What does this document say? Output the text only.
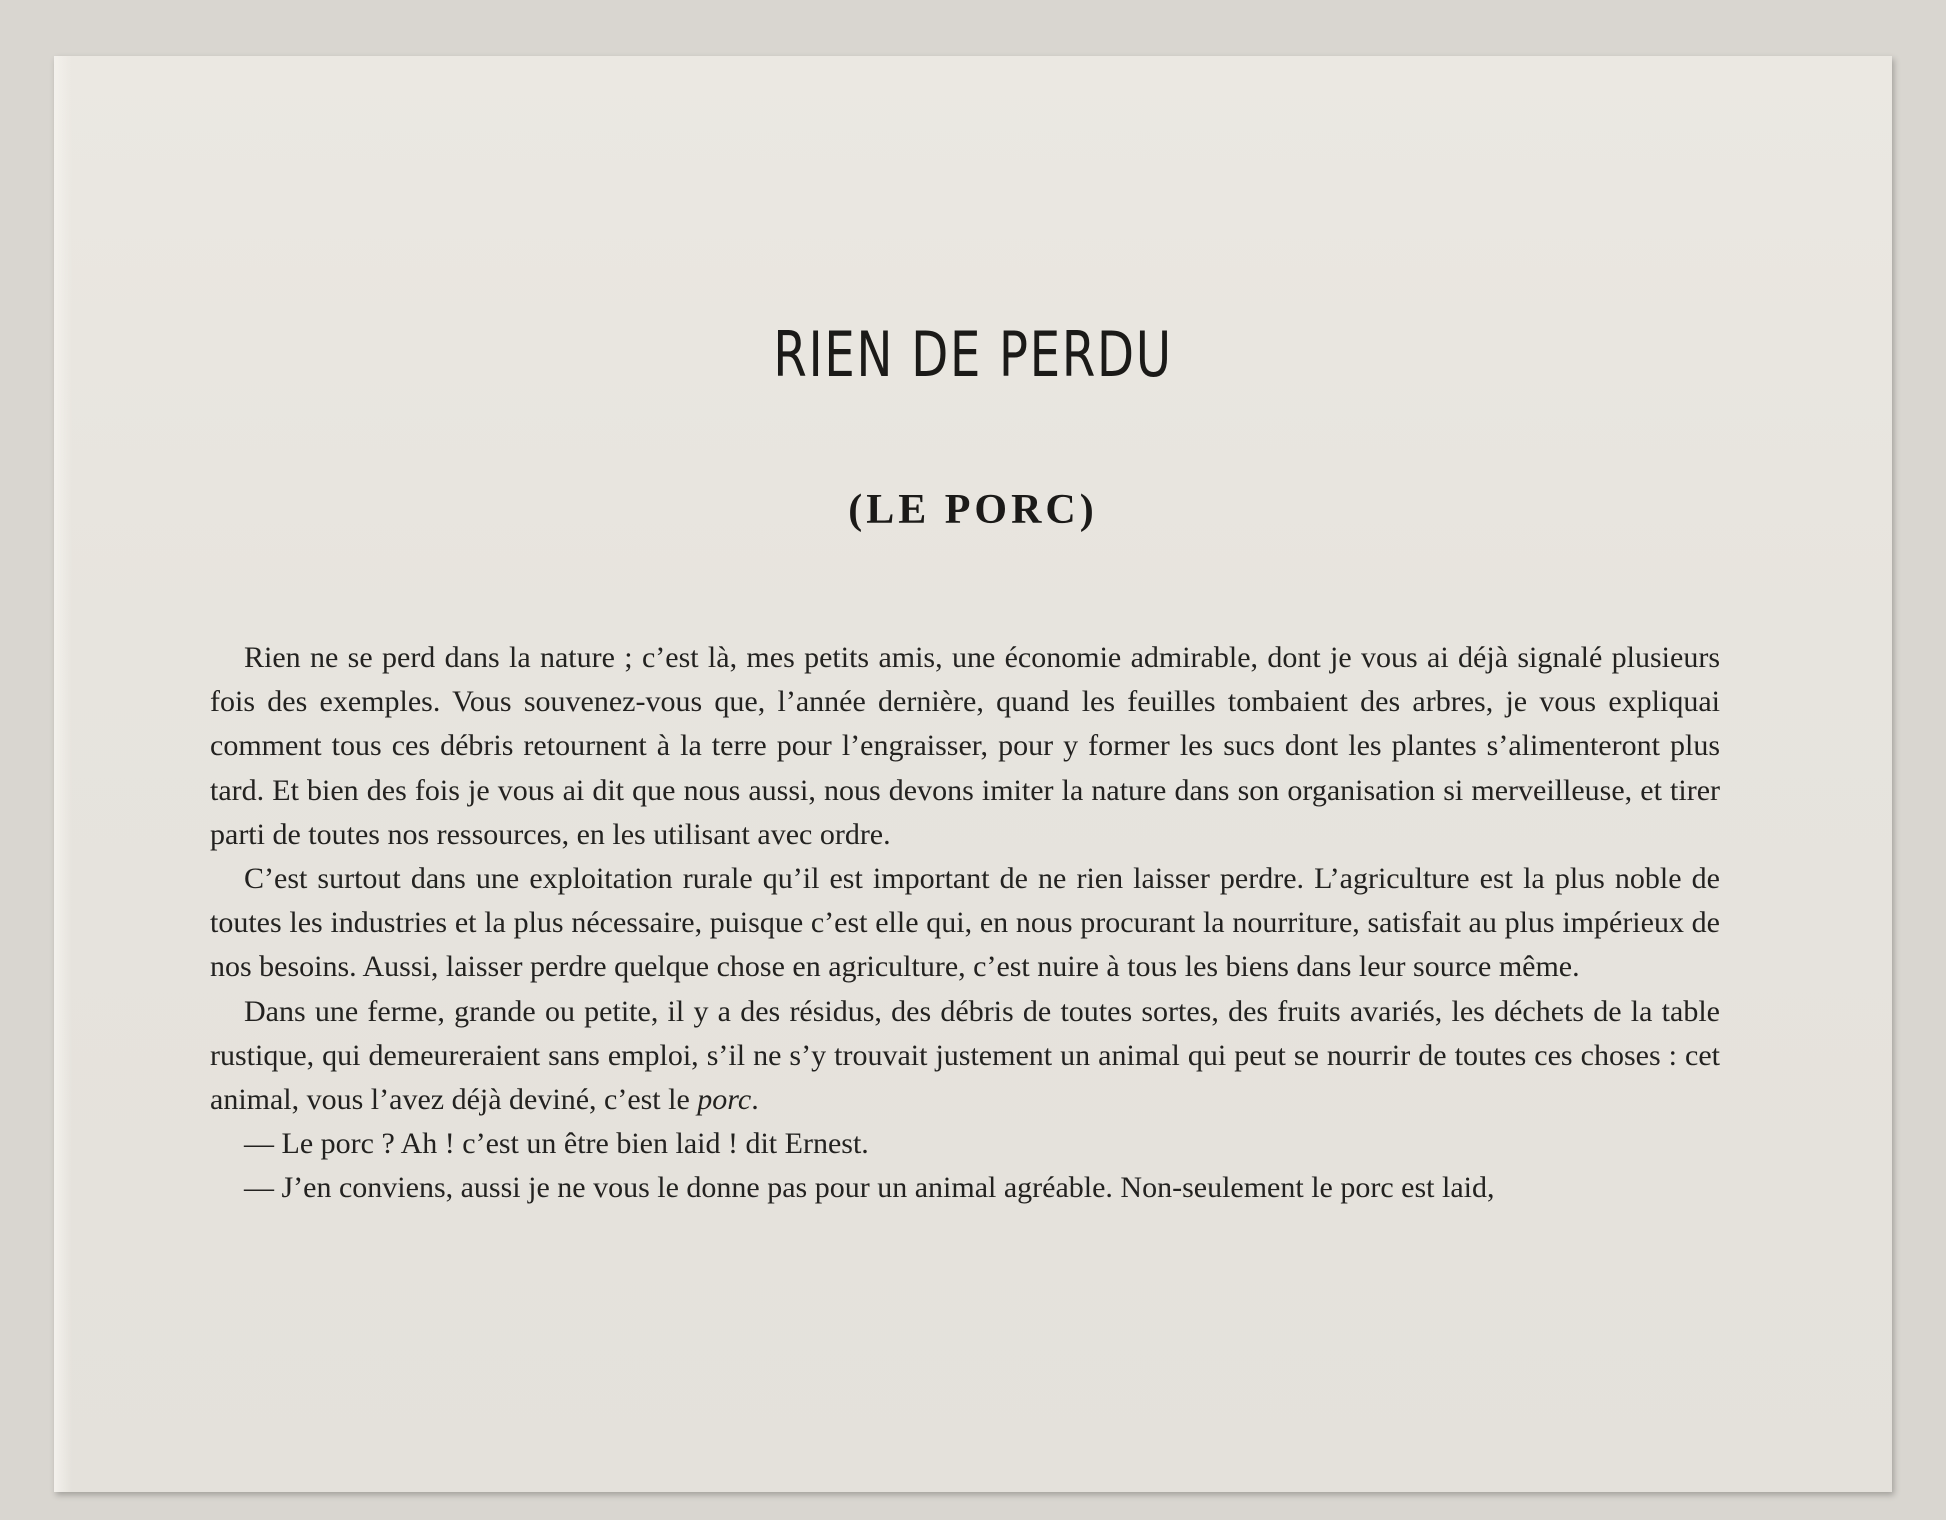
RIEN DE PERDU
(LE PORC)

Rien ne se perd dans la nature ; c’est là, mes petits amis, une économie admirable, dont je vous ai déjà signalé plusieurs fois des exemples. Vous souvenez-vous que, l’année dernière, quand les feuilles tombaient des arbres, je vous expliquai comment tous ces débris retournent à la terre pour l’engraisser, pour y former les sucs dont les plantes s’alimenteront plus tard. Et bien des fois je vous ai dit que nous aussi, nous devons imiter la nature dans son organisation si merveilleuse, et tirer parti de toutes nos ressources, en les utilisant avec ordre.

C’est surtout dans une exploitation rurale qu’il est important de ne rien laisser perdre. L’agriculture est la plus noble de toutes les industries et la plus nécessaire, puisque c’est elle qui, en nous procurant la nourriture, satisfait au plus impérieux de nos besoins. Aussi, laisser perdre quelque chose en agriculture, c’est nuire à tous les biens dans leur source même.

Dans une ferme, grande ou petite, il y a des résidus, des débris de toutes sortes, des fruits avariés, les déchets de la table rustique, qui demeureraient sans emploi, s’il ne s’y trouvait justement un animal qui peut se nourrir de toutes ces choses : cet animal, vous l’avez déjà deviné, c’est le porc.

— Le porc ? Ah ! c’est un être bien laid ! dit Ernest.

— J’en conviens, aussi je ne vous le donne pas pour un animal agréable. Non-seulement le porc est laid,
